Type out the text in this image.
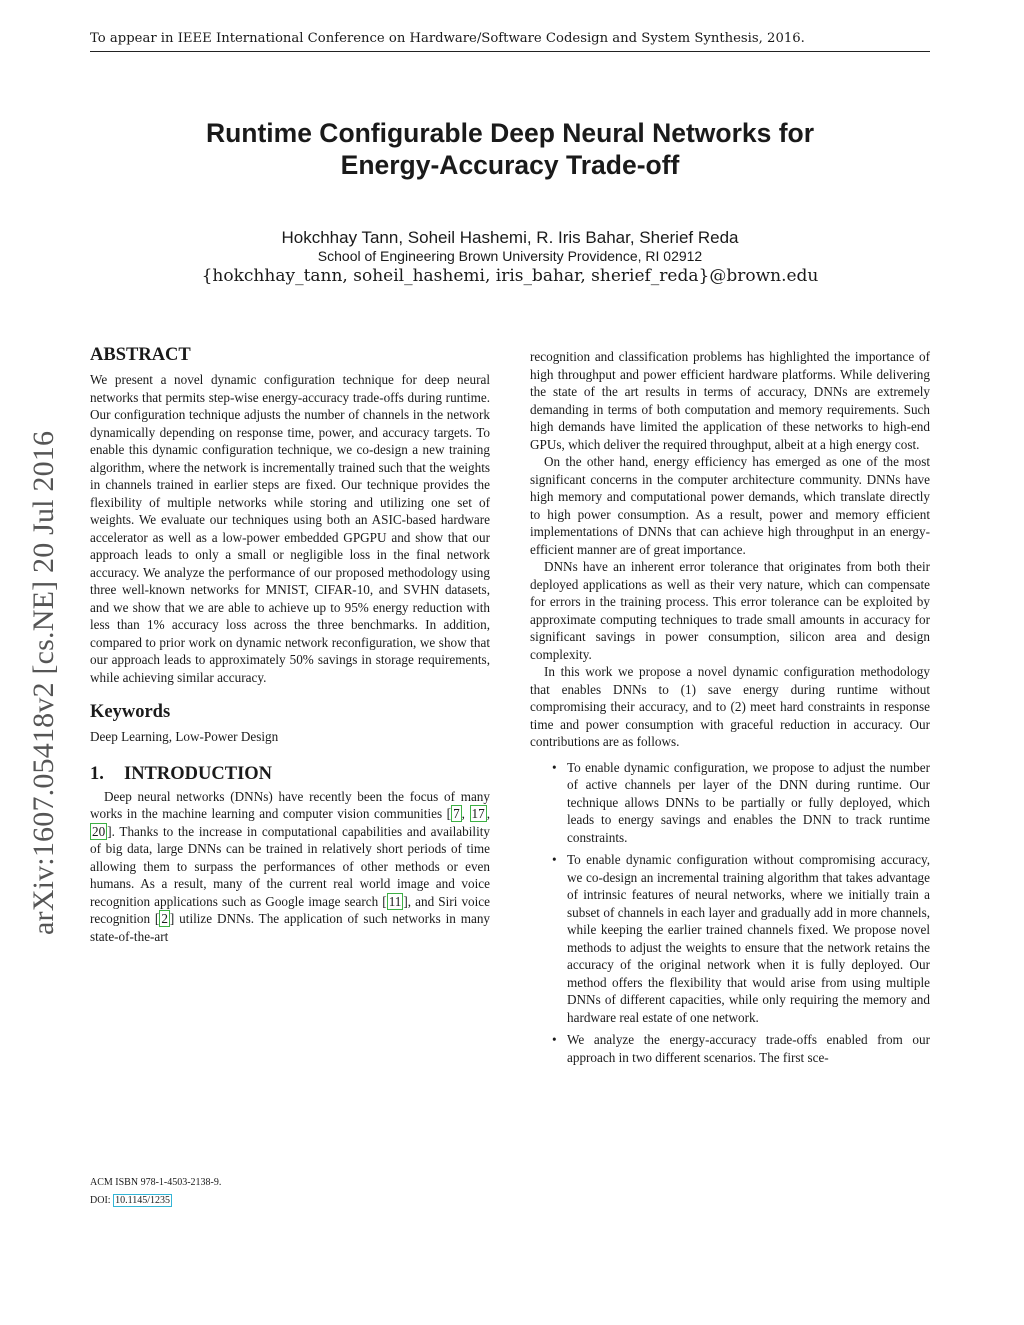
To appear in IEEE International Conference on Hardware/Software Codesign and System Synthesis, 2016.
Runtime Configurable Deep Neural Networks for
Energy-Accuracy Trade-off
Hokchhay Tann, Soheil Hashemi, R. Iris Bahar, Sherief Reda
School of Engineering Brown University Providence, RI 02912
{hokchhay_tann, soheil_hashemi, iris_bahar, sherief_reda}@brown.edu
arXiv:1607.05418v2 [cs.NE] 20 Jul 2016
ABSTRACT

We present a novel dynamic configuration technique for deep neural networks that permits step-wise energy-accuracy trade-offs during runtime. Our configuration technique adjusts the number of channels in the network dynamically depending on response time, power, and accuracy targets. To enable this dynamic configuration technique, we co-design a new training algorithm, where the network is incrementally trained such that the weights in channels trained in earlier steps are fixed. Our technique provides the flexibility of multiple networks while storing and utilizing one set of weights. We evaluate our techniques using both an ASIC-based hardware accelerator as well as a low-power embedded GPGPU and show that our approach leads to only a small or negligible loss in the final network accuracy. We analyze the performance of our proposed methodology using three well-known networks for MNIST, CIFAR-10, and SVHN datasets, and we show that we are able to achieve up to 95% energy reduction with less than 1% accuracy loss across the three benchmarks. In addition, compared to prior work on dynamic network reconfiguration, we show that our approach leads to approximately 50% savings in storage requirements, while achieving similar accuracy.

Keywords

Deep Learning, Low-Power Design

1. INTRODUCTION

Deep neural networks (DNNs) have recently been the focus of many works in the machine learning and computer vision communities [ 7 , 17 , 20 ]. Thanks to the increase in computational capabilities and availability of big data, large DNNs can be trained in relatively short periods of time allowing them to surpass the performances of other methods or even humans. As a result, many of the current real world image and voice recognition applications such as Google image search [ 11 ], and Siri voice recognition [ 2 ] utilize DNNs. The application of such networks in many state-of-the-art

ACM ISBN 978-1-4503-2138-9.
DOI: 10.1145/1235

recognition and classification problems has highlighted the importance of high throughput and power efficient hardware platforms. While delivering the state of the art results in terms of accuracy, DNNs are extremely demanding in terms of both computation and memory requirements. Such high demands have limited the application of these networks to high-end GPUs, which deliver the required throughput, albeit at a high energy cost.

On the other hand, energy efficiency has emerged as one of the most significant concerns in the computer architecture community. DNNs have high memory and computational power demands, which translate directly to high power consumption. As a result, power and memory efficient implementations of DNNs that can achieve high throughput in an energy-efficient manner are of great importance.

DNNs have an inherent error tolerance that originates from both their deployed applications as well as their very nature, which can compensate for errors in the training process. This error tolerance can be exploited by approximate computing techniques to trade small amounts in accuracy for significant savings in power consumption, silicon area and design complexity.

In this work we propose a novel dynamic configuration methodology that enables DNNs to (1) save energy during runtime without compromising their accuracy, and to (2) meet hard constraints in response time and power consumption with graceful reduction in accuracy. Our contributions are as follows.

• To enable dynamic configuration, we propose to adjust the number of active channels per layer of the DNN during runtime. Our technique allows DNNs to be partially or fully deployed, which leads to energy savings and enables the DNN to track runtime constraints.
• To enable dynamic configuration without compromising accuracy, we co-design an incremental training algorithm that takes advantage of intrinsic features of neural networks, where we initially train a subset of channels in each layer and gradually add in more channels, while keeping the earlier trained channels fixed. We propose novel methods to adjust the weights to ensure that the network retains the accuracy of the original network when it is fully deployed. Our method offers the flexibility that would arise from using multiple DNNs of different capacities, while only requiring the memory and hardware real estate of one network.
• We analyze the energy-accuracy trade-offs enabled from our approach in two different scenarios. The first sce-
